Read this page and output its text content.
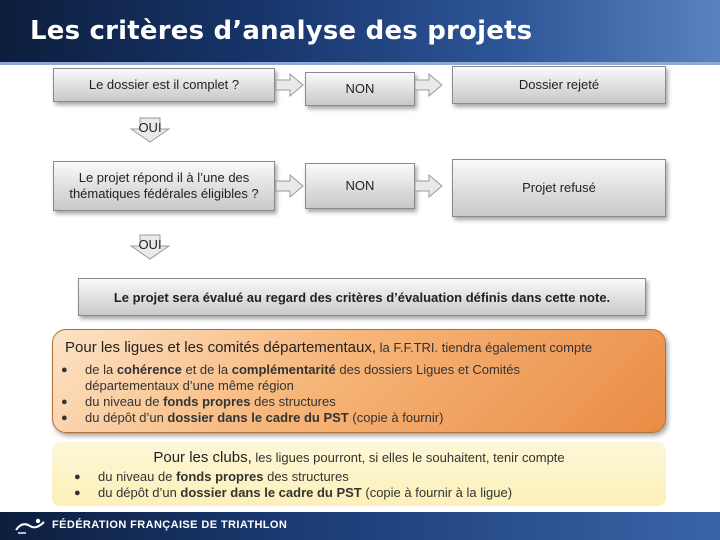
Les critères d’analyse des projets
Le dossier est il complet ?	NON	Dossier rejeté
OUI
Le projet répond il à l’une des thématiques fédérales éligibles ?
NON	Projet refusé
OUI
Le projet sera évalué au regard des critères d’évaluation définis dans cette note.
Pour les ligues et les comités départementaux, la F.F.TRI. tiendra également compte
● de la cohérence et de la complémentarité des dossiers Ligues et Comités départementaux d’une même région
● du niveau de fonds propres des structures
● du dépôt d’un dossier dans le cadre du PST (copie à fournir)
Pour les clubs, les ligues pourront, si elles le souhaitent, tenir compte
● du niveau de fonds propres des structures
● du dépôt d’un dossier dans le cadre du PST (copie à fournir à la ligue)
FÉDÉRATION FRANÇAISE DE TRIATHLON
